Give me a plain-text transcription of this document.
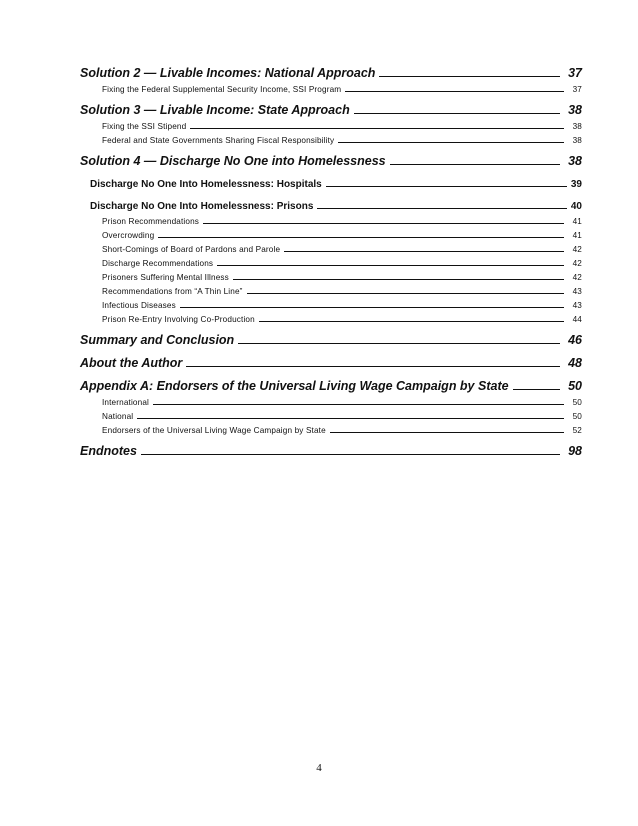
Solution 2 — Livable Incomes: National Approach	37
Fixing the Federal Supplemental Security Income, SSI Program	37
Solution 3 — Livable Income: State Approach	38
Fixing the SSI Stipend	38
Federal and State Governments Sharing Fiscal Responsibility	38
Solution 4 — Discharge No One into Homelessness	38
Discharge No One Into Homelessness: Hospitals	39
Discharge No One Into Homelessness: Prisons	40
Prison Recommendations	41
Overcrowding	41
Short-Comings of Board of Pardons and Parole	42
Discharge Recommendations	42
Prisoners Suffering Mental Illness	42
Recommendations from “A Thin Line”	43
Infectious Diseases	43
Prison Re-Entry Involving Co-Production	44
Summary and Conclusion	46
About the Author	48
Appendix A: Endorsers of the Universal Living Wage Campaign by State	50
International	50
National	50
Endorsers of the Universal Living Wage Campaign by State	52
Endnotes	98
4
